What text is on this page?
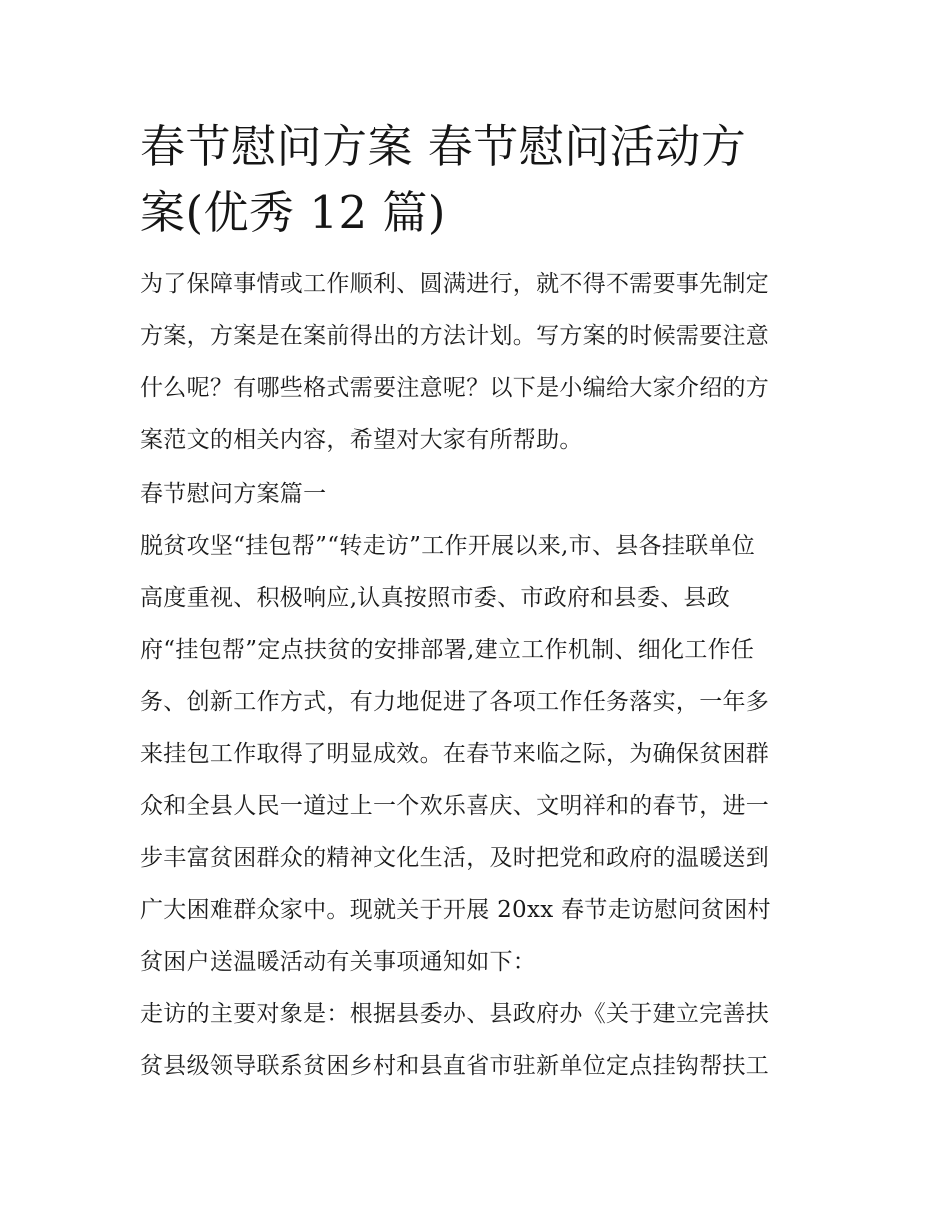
春节慰问方案 春节慰问活动方
案(优秀 12 篇)

为了保障事情或工作顺利、圆满进行，就不得不需要事先制定
方案，方案是在案前得出的方法计划。写方案的时候需要注意
什么呢？有哪些格式需要注意呢？以下是小编给大家介绍的方
案范文的相关内容，希望对大家有所帮助。

春节慰问方案篇一

脱贫攻坚“挂包帮”“转走访”工作开展以来,市、县各挂联单位
高度重视、积极响应,认真按照市委、市政府和县委、县政
府“挂包帮”定点扶贫的安排部署,建立工作机制、细化工作任
务、创新工作方式，有力地促进了各项工作任务落实，一年多
来挂包工作取得了明显成效。在春节来临之际，为确保贫困群
众和全县人民一道过上一个欢乐喜庆、文明祥和的春节，进一
步丰富贫困群众的精神文化生活，及时把党和政府的温暖送到
广大困难群众家中。现就关于开展 20xx 春节走访慰问贫困村
贫困户送温暖活动有关事项通知如下：

走访的主要对象是：根据县委办、县政府办《关于建立完善扶
贫县级领导联系贫困乡村和县直省市驻新单位定点挂钩帮扶工
